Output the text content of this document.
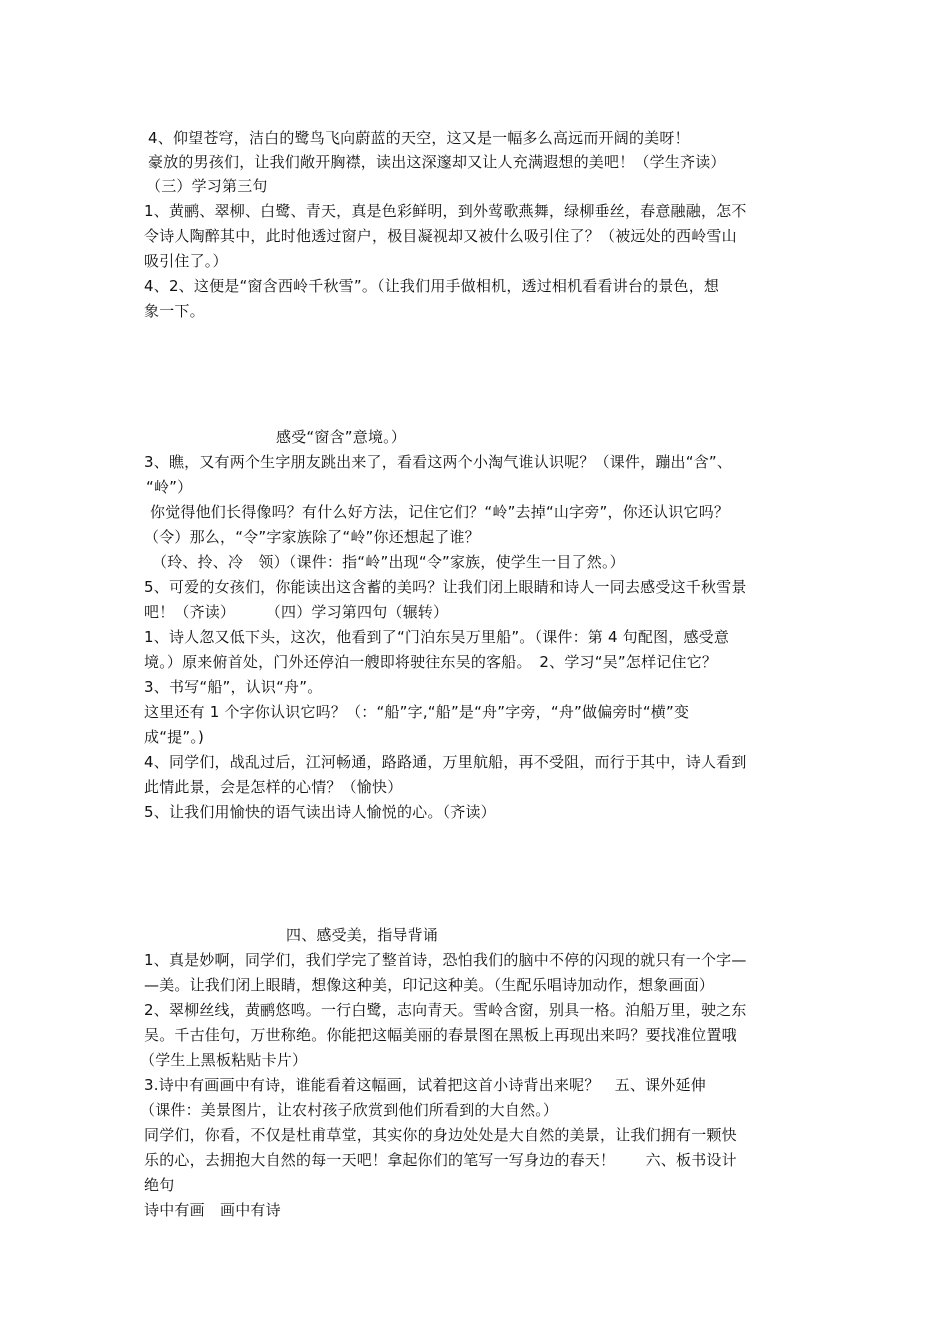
4、仰望苍穹，洁白的鹭鸟飞向蔚蓝的天空，这又是一幅多么高远而开阔的美呀！
豪放的男孩们，让我们敞开胸襟，读出这深邃却又让人充满遐想的美吧！（学生齐读）
（三）学习第三句
1、黄鹂、翠柳、白鹭、青天，真是色彩鲜明，到外莺歌燕舞，绿柳垂丝，春意融融，怎不
令诗人陶醉其中，此时他透过窗户，极目凝视却又被什么吸引住了？（被远处的西岭雪山
吸引住了。）
4、2、这便是“窗含西岭千秋雪”。（让我们用手做相机，透过相机看看讲台的景色，想
象一下。
感受“窗含”意境。）
3、瞧，又有两个生字朋友跳出来了，看看这两个小淘气谁认识呢？（课件，蹦出“含”、
“岭”）
你觉得他们长得像吗？有什么好方法，记住它们？“岭”去掉“山字旁”，你还认识它吗？
（令）那么，“令”字家族除了“岭”你还想起了谁？
（玲、拎、冷　领）（课件：指“岭”出现“令”家族，使学生一目了然。）
5、可爱的女孩们，你能读出这含蓄的美吗？让我们闭上眼睛和诗人一同去感受这千秋雪景
吧！（齐读）　　　（四）学习第四句（辗转）
1、诗人忽又低下头，这次，他看到了“门泊东吴万里船”。（课件：第 4 句配图，感受意
境。）原来俯首处，门外还停泊一艘即将驶往东吴的客船。　2、学习“吴”怎样记住它？
3、书写“船”，认识“舟”。
这里还有 1 个字你认识它吗？（：“船”字,“船”是“舟”字旁，“舟”做偏旁时“横”变
成“提”。)
4、同学们，战乱过后，江河畅通，路路通，万里航船，再不受阻，而行于其中，诗人看到
此情此景，会是怎样的心情？（愉快）
5、让我们用愉快的语气读出诗人愉悦的心。（齐读）
四、感受美，指导背诵
1、真是妙啊，同学们，我们学完了整首诗，恐怕我们的脑中不停的闪现的就只有一个字—
—美。让我们闭上眼睛，想像这种美，印记这种美。（生配乐唱诗加动作，想象画面）
2、翠柳丝线，黄鹂悠鸣。一行白鹭，志向青天。雪岭含窗，别具一格。泊船万里，驶之东
吴。千古佳句，万世称绝。你能把这幅美丽的春景图在黑板上再现出来吗？要找准位置哦
（学生上黑板粘贴卡片）
3.诗中有画画中有诗，谁能看着这幅画，试着把这首小诗背出来呢？　五、课外延伸
（课件：美景图片，让农村孩子欣赏到他们所看到的大自然。）
同学们，你看，不仅是杜甫草堂，其实你的身边处处是大自然的美景，让我们拥有一颗快
乐的心，去拥抱大自然的每一天吧！拿起你们的笔写一写身边的春天！　　六、板书设计
绝句
诗中有画　画中有诗
